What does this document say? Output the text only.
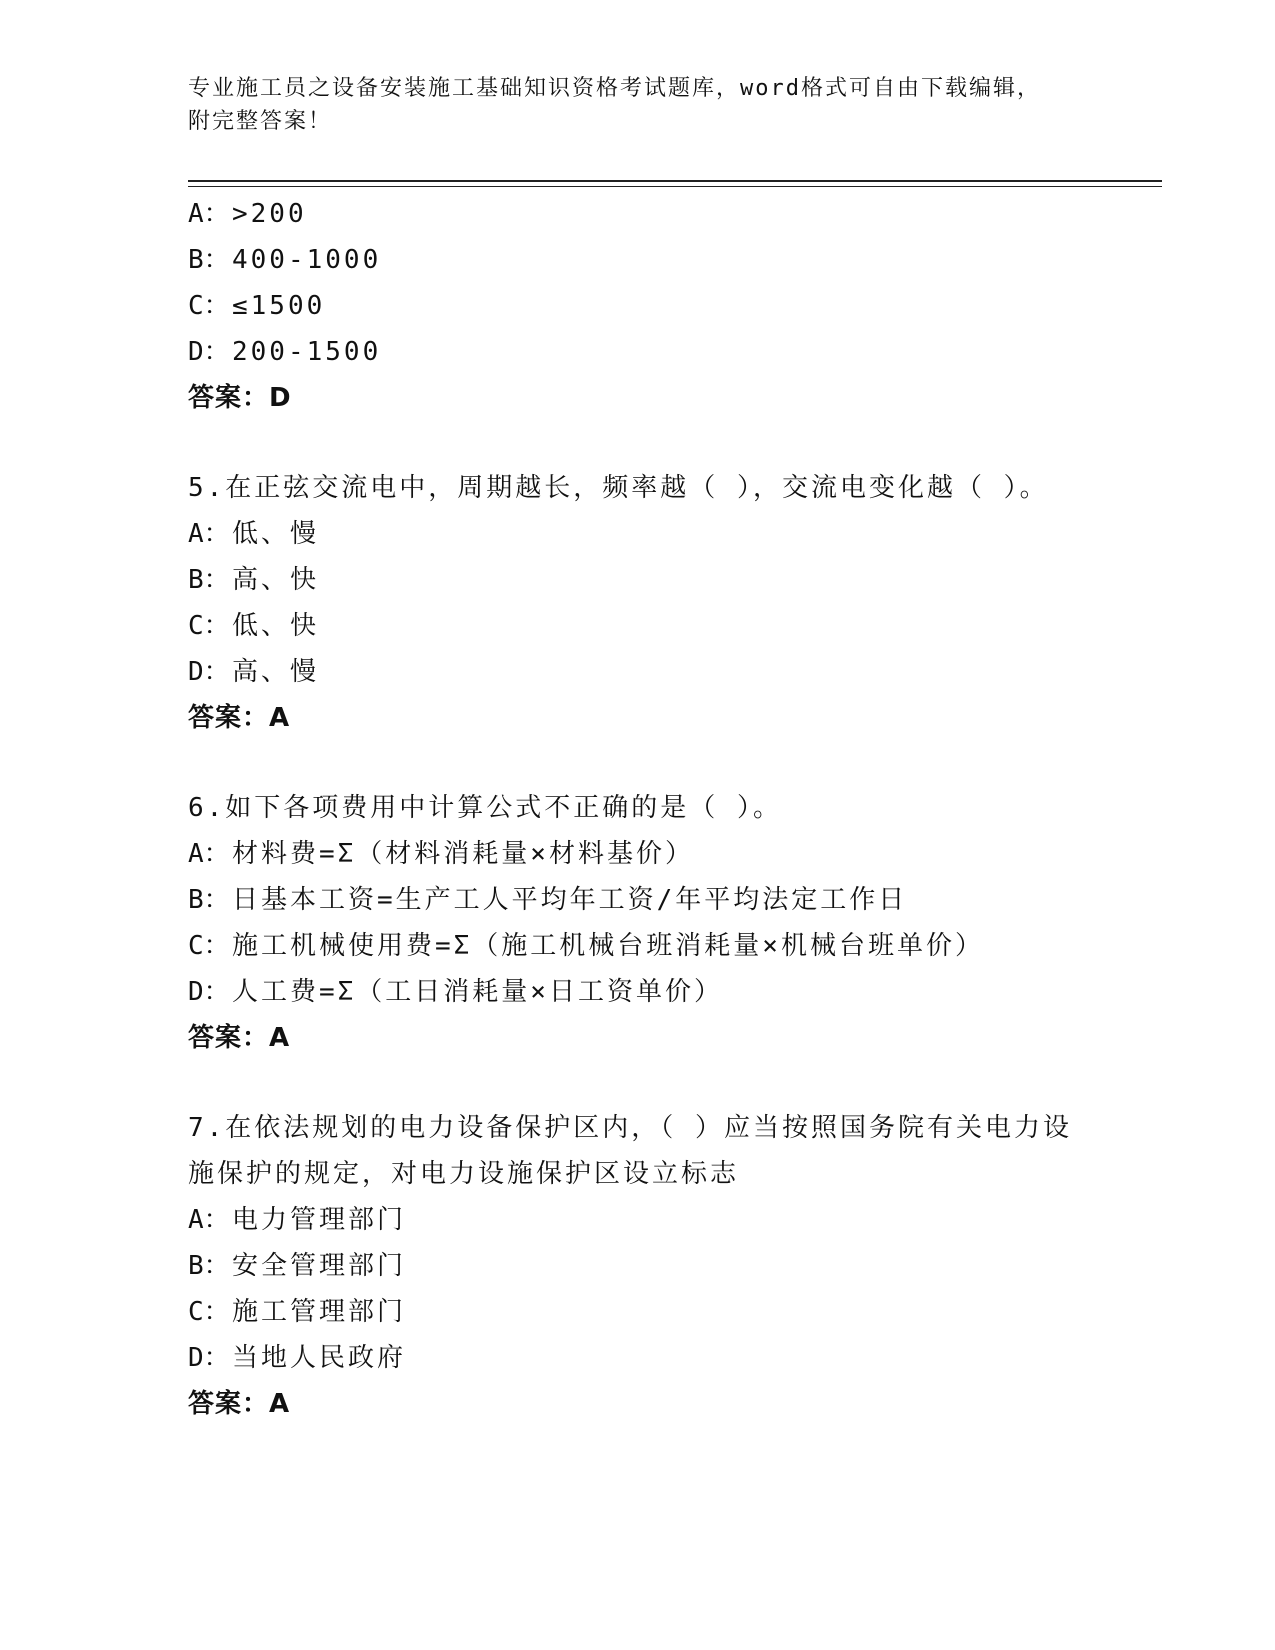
专业施工员之设备安装施工基础知识资格考试题库，word格式可自由下载编辑，
附完整答案！
A：>200
B：400-1000
C：≤1500
D：200-1500
答案：D
5.在正弦交流电中，周期越长，频率越（ ），交流电变化越（ ）。
A：低、慢
B：高、快
C：低、快
D：高、慢
答案：A
6.如下各项费用中计算公式不正确的是（ ）。
A：材料费=Σ（材料消耗量×材料基价）
B：日基本工资=生产工人平均年工资/年平均法定工作日
C：施工机械使用费=Σ（施工机械台班消耗量×机械台班单价）
D：人工费=Σ（工日消耗量×日工资单价）
答案：A
7.在依法规划的电力设备保护区内，（ ）应当按照国务院有关电力设
施保护的规定，对电力设施保护区设立标志
A：电力管理部门
B：安全管理部门
C：施工管理部门
D：当地人民政府
答案：A
